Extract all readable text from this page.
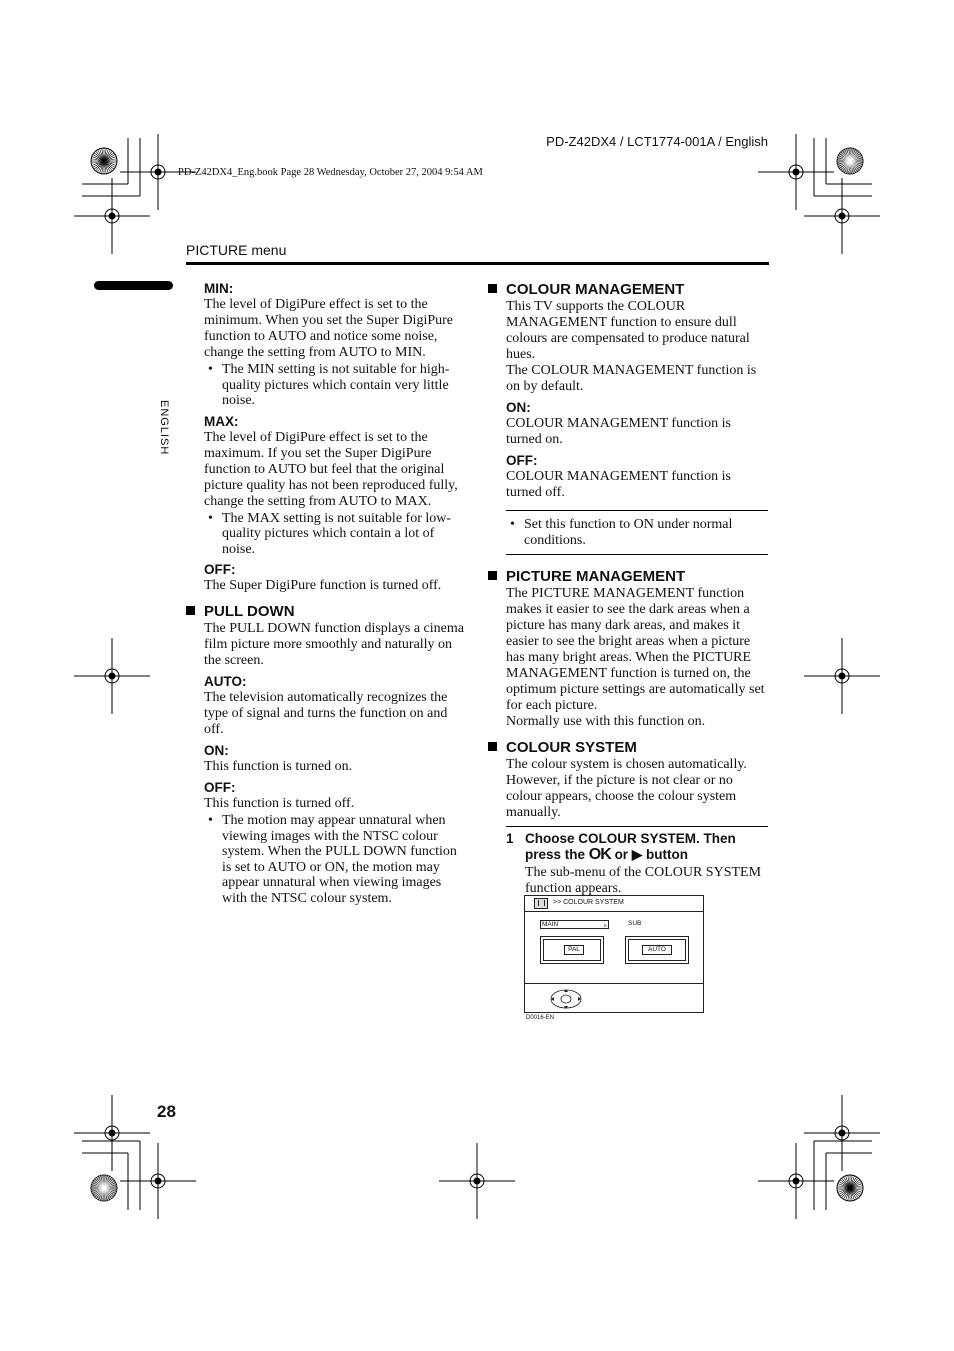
PD-Z42DX4 / LCT1774-001A / English
PD-Z42DX4_Eng.book Page 28 Wednesday, October 27, 2004 9:54 AM
PICTURE menu
ENGLISH
28
MIN:

The level of DigiPure effect is set to the minimum. When you set the Super DigiPure function to AUTO and notice some noise, change the setting from AUTO to MIN.

• The MIN setting is not suitable for high-quality pictures which contain very little noise.
MAX:

The level of DigiPure effect is set to the maximum. If you set the Super DigiPure function to AUTO but feel that the original picture quality has not been reproduced fully, change the setting from AUTO to MAX.

• The MAX setting is not suitable for low-quality pictures which contain a lot of noise.
OFF:

The Super DigiPure function is turned off.

PULL DOWN

The PULL DOWN function displays a cinema film picture more smoothly and naturally on the screen.

AUTO:

The television automatically recognizes the type of signal and turns the function on and off.

ON:

This function is turned on.

OFF:

This function is turned off.

• The motion may appear unnatural when viewing images with the NTSC colour system. When the PULL DOWN function is set to AUTO or ON, the motion may appear unnatural when viewing images with the NTSC colour system.
COLOUR MANAGEMENT

This TV supports the COLOUR MANAGEMENT function to ensure dull colours are compensated to produce natural hues.

The COLOUR MANAGEMENT function is on by default.

ON:

COLOUR MANAGEMENT function is turned on.

OFF:

COLOUR MANAGEMENT function is turned off.

• Set this function to ON under normal conditions.
PICTURE MANAGEMENT

The PICTURE MANAGEMENT function makes it easier to see the dark areas when a picture has many dark areas, and makes it easier to see the bright areas when a picture has many bright areas. When the PICTURE MANAGEMENT function is turned on, the optimum picture settings are automatically set for each picture.

Normally use with this function on.

COLOUR SYSTEM

The colour system is chosen automatically. However, if the picture is not clear or no colour appears, choose the colour system manually.

1 Choose COLOUR SYSTEM. Then press the OK or ▶ button

The sub-menu of the COLOUR SYSTEM function appears.

>> COLOUR SYSTEM
MAIN	▹	SUB
PAL	AUTO
D0016-EN
